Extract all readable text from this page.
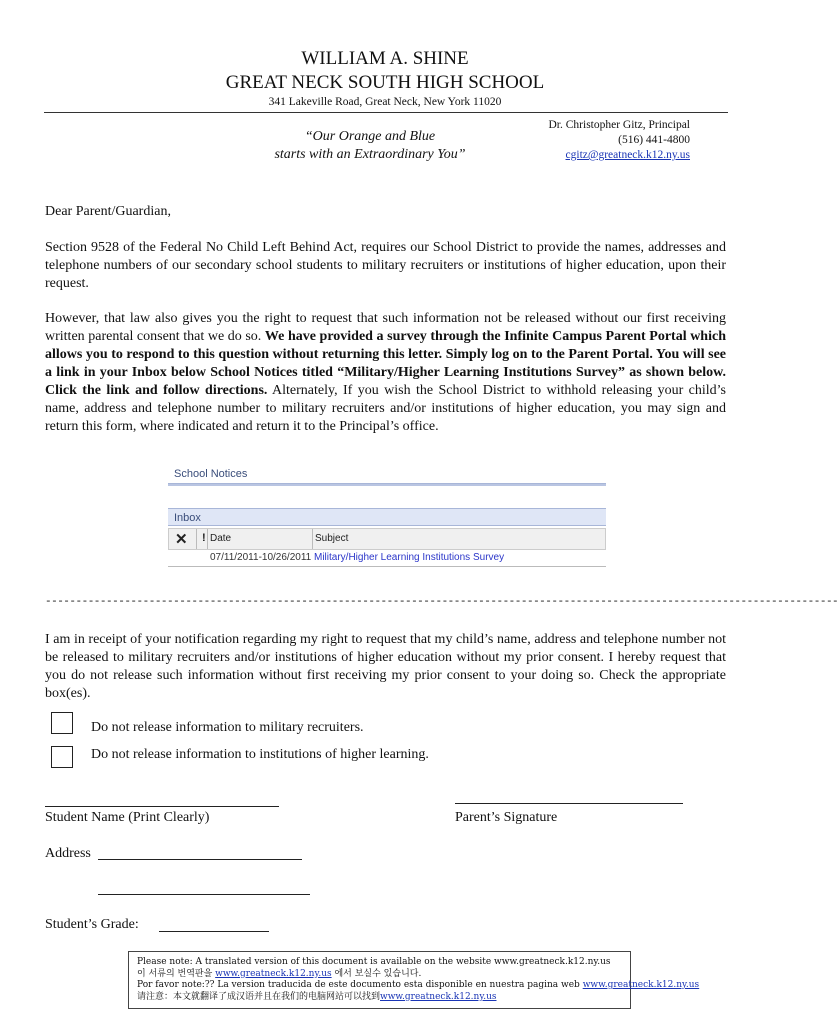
WILLIAM A. SHINE
GREAT NECK SOUTH HIGH SCHOOL
341 Lakeville Road, Great Neck, New York 11020
“Our Orange and Blue
starts with an Extraordinary You”
Dr. Christopher Gitz, Principal
(516) 441-4800
cgitz@greatneck.k12.ny.us
Dear Parent/Guardian,
Section 9528 of the Federal No Child Left Behind Act, requires our School District to provide the names, addresses and telephone numbers of our secondary school students to military recruiters or institutions of higher education, upon their request.
However, that law also gives you the right to request that such information not be released without our first receiving written parental consent that we do so. We have provided a survey through the Infinite Campus Parent Portal which allows you to respond to this question without returning this letter. Simply log on to the Parent Portal. You will see a link in your Inbox below School Notices titled “Military/Higher Learning Institutions Survey” as shown below. Click the link and follow directions. Alternately, If you wish the School District to withhold releasing your child’s name, address and telephone number to military recruiters and/or institutions of higher education, you may sign and return this form, where indicated and return it to the Principal’s office.
School Notices
Inbox
✕ ! Date	Subject
07/11/2011-10/26/2011 Military/Higher Learning Institutions Survey
----------------------------------------------------------------------------------------------------------------------------------
I am in receipt of your notification regarding my right to request that my child’s name, address and telephone number not be released to military recruiters and/or institutions of higher education without my prior consent. I hereby request that you do not release such information without first receiving my prior consent to your doing so. Check the appropriate box(es).
Do not release information to military recruiters.
Do not release information to institutions of higher learning.
Student Name (Print Clearly)	Parent’s Signature
Address
Student’s Grade:
Please note: A translated version of this document is available on the website www.greatneck.k12.ny.us
이 서류의 번역판을 www.greatneck.k12.ny.us 에서 보실수 있습니다.
Por favor note:?? La version traducida de este documento esta disponible en nuestra pagina web www.greatneck.k12.ny.us
请注意：本文就翻译了成汉语并且在我们的电脑网站可以找到www.greatneck.k12.ny.us
